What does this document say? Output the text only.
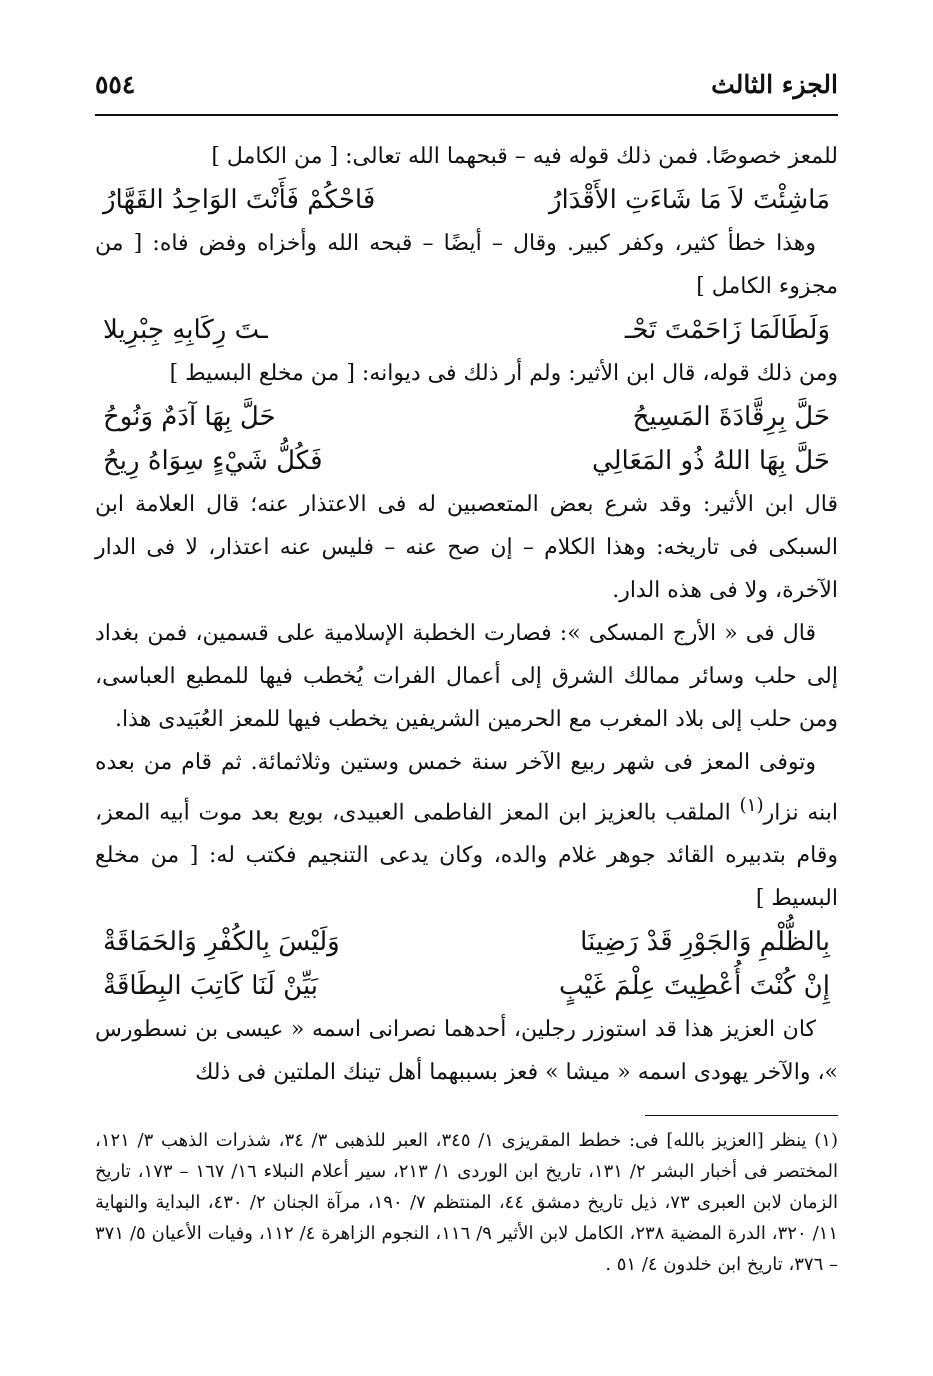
الجزء الثالث
٥٥٤

للمعز خصوصًا. فمن ذلك قوله فيه – قبحهما الله تعالى: [ من الكامل ]

مَاشِئْتَ لاَ مَا شَاءَتِ الأَقْدَارُ
فَاحْكُمْ فَأَنْتَ الوَاحِدُ القَهَّارُ

وهذا خطأ كثير، وكفر كبير. وقال – أيضًا – قبحه الله وأخزاه وفض فاه: [ من مجزوء الكامل ]

وَلَطَالَمَا زَاحَمْتَ تَحْـ
ـتَ رِكَابِهِ جِبْرِيلا

ومن ذلك قوله، قال ابن الأثير: ولم أر ذلك فى ديوانه: [ من مخلع البسيط ]

حَلَّ بِرِقَّادَةَ المَسِيحُ
حَلَّ بِهَا آدَمٌ وَنُوحُ
حَلَّ بِهَا اللهُ ذُو المَعَالِي
فَكُلُّ شَيْءٍ سِوَاهُ رِيحُ

قال ابن الأثير: وقد شرع بعض المتعصبين له فى الاعتذار عنه؛ قال العلامة ابن السبكى فى تاريخه: وهذا الكلام – إن صح عنه – فليس عنه اعتذار، لا فى الدار الآخرة، ولا فى هذه الدار.

قال فى « الأرج المسكى »: فصارت الخطبة الإسلامية على قسمين، فمن بغداد إلى حلب وسائر ممالك الشرق إلى أعمال الفرات يُخطب فيها للمطيع العباسى، ومن حلب إلى بلاد المغرب مع الحرمين الشريفين يخطب فيها للمعز العُبَيدى هذا.

وتوفى المعز فى شهر ربيع الآخر سنة خمس وستين وثلاثمائة. ثم قام من بعده ابنه نزار$^{(١)}$ الملقب بالعزيز ابن المعز الفاطمى العبيدى، بويع بعد موت أبيه المعز، وقام بتدبيره القائد جوهر غلام والده، وكان يدعى التنجيم فكتب له: [ من مخلع البسيط ]

بِالظُّلْمِ وَالجَوْرِ قَدْ رَضِينَا
وَلَيْسَ بِالكُفْرِ وَالحَمَاقَةْ
إِنْ كُنْتَ أُعْطِيتَ عِلْمَ غَيْبٍ
بَيِّنْ لَنَا كَاتِبَ البِطَاقَةْ

كان العزيز هذا قد استوزر رجلين، أحدهما نصرانى اسمه « عيسى بن نسطورس »، والآخر يهودى اسمه « ميشا » فعز بسببهما أهل تينك الملتين فى ذلك

(١) ينظر [العزيز بالله] فى: خطط المقريزى ١/ ٣٤٥، العبر للذهبى ٣/ ٣٤، شذرات الذهب ٣/ ١٢١، المختصر فى أخبار البشر ٢/ ١٣١، تاريخ ابن الوردى ١/ ٢١٣، سير أعلام النبلاء ١٦/ ١٦٧ – ١٧٣، تاريخ الزمان لابن العبرى ٧٣، ذيل تاريخ دمشق ٤٤، المنتظم ٧/ ١٩٠، مرآة الجنان ٢/ ٤٣٠، البداية والنهاية ١١/ ٣٢٠، الدرة المضية ٢٣٨، الكامل لابن الأثير ٩/ ١١٦، النجوم الزاهرة ٤/ ١١٢، وفيات الأعيان ٥/ ٣٧١ – ٣٧٦، تاريخ ابن خلدون ٤/ ٥١ .
